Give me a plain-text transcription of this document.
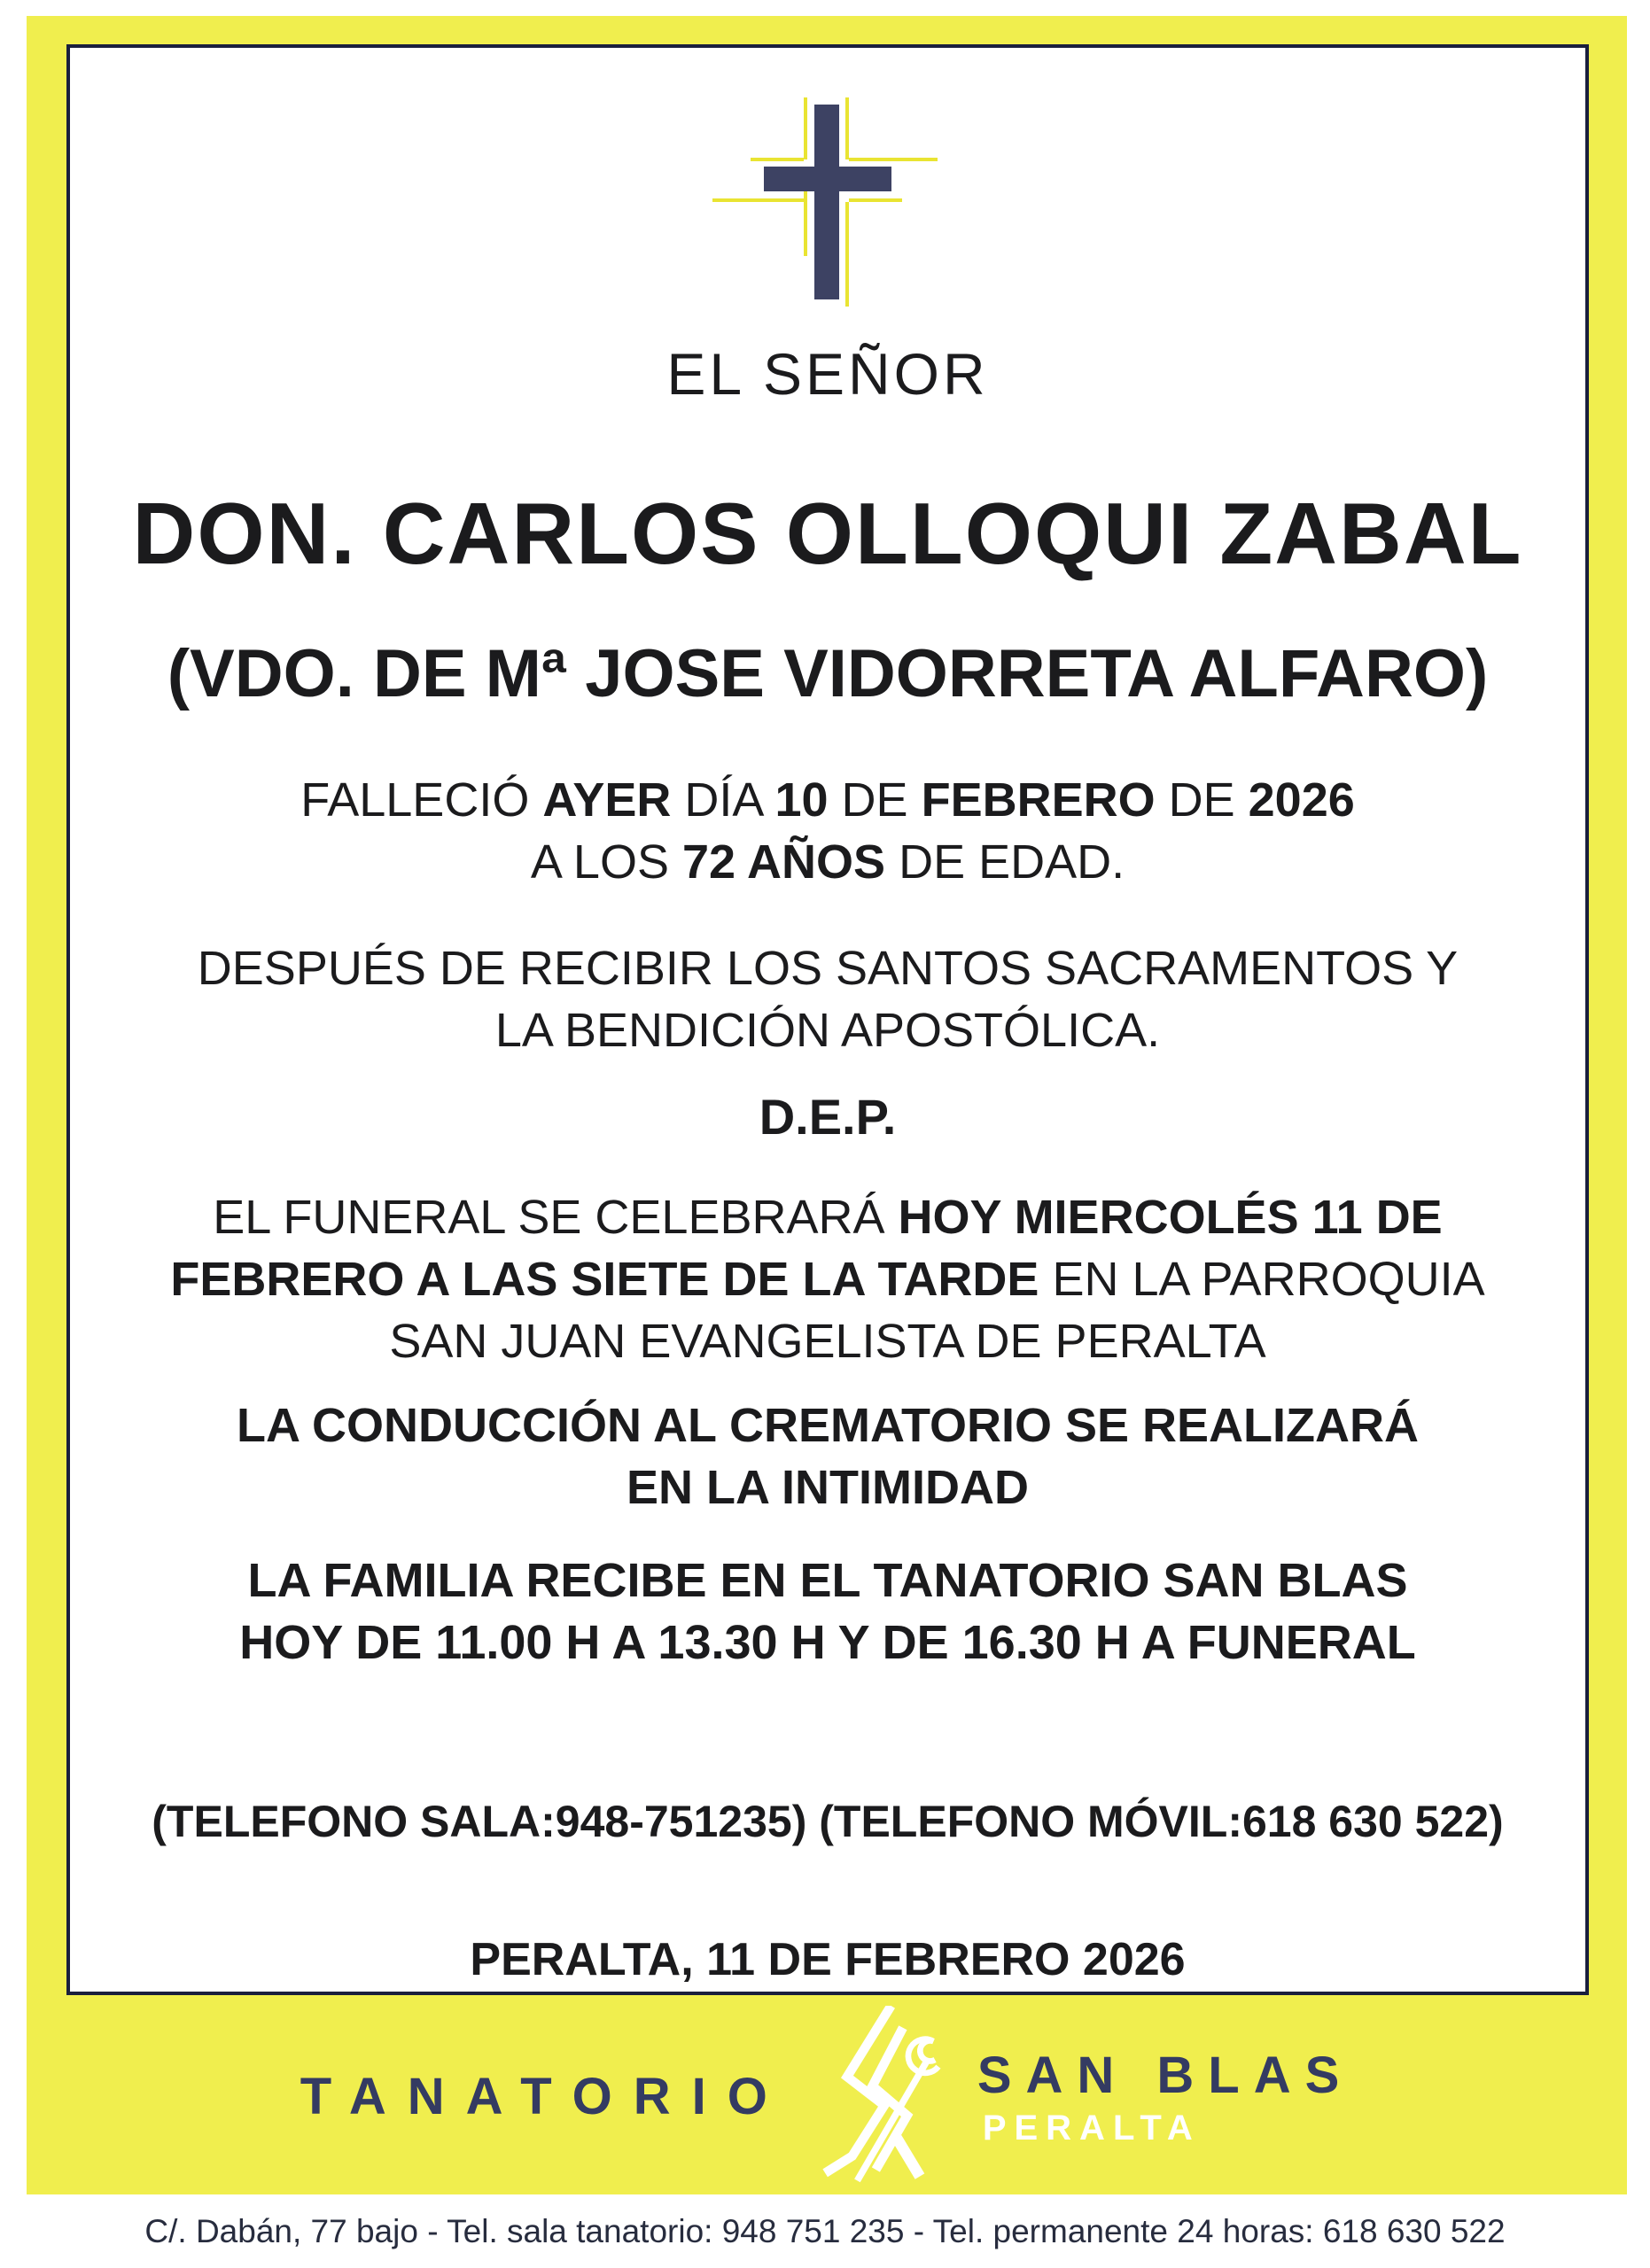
EL SEÑOR

DON. CARLOS OLLOQUI ZABAL

(VDO. DE Mª JOSE VIDORRETA ALFARO)

FALLECIÓ AYER DÍA 10 DE FEBRERO DE 2026

A LOS 72 AÑOS DE EDAD.

DESPUÉS DE RECIBIR LOS SANTOS SACRAMENTOS Y

LA BENDICIÓN APOSTÓLICA.

D.E.P.

EL FUNERAL SE CELEBRARÁ HOY MIERCOLÉS 11 DE FEBRERO A LAS SIETE DE LA TARDE EN LA PARROQUIA SAN JUAN EVANGELISTA DE PERALTA

LA CONDUCCIÓN AL CREMATORIO SE REALIZARÁ EN LA INTIMIDAD

LA FAMILIA RECIBE EN EL TANATORIO SAN BLAS

HOY DE 11.00 H A 13.30 H Y DE 16.30 H A FUNERAL

(TELEFONO SALA:948-751235) (TELEFONO MÓVIL:618 630 522)

PERALTA, 11 DE FEBRERO 2026

TANATORIO	SAN BLAS
PERALTA
C/. Dabán, 77 bajo - Tel. sala tanatorio: 948 751 235 - Tel. permanente 24 horas: 618 630 522
